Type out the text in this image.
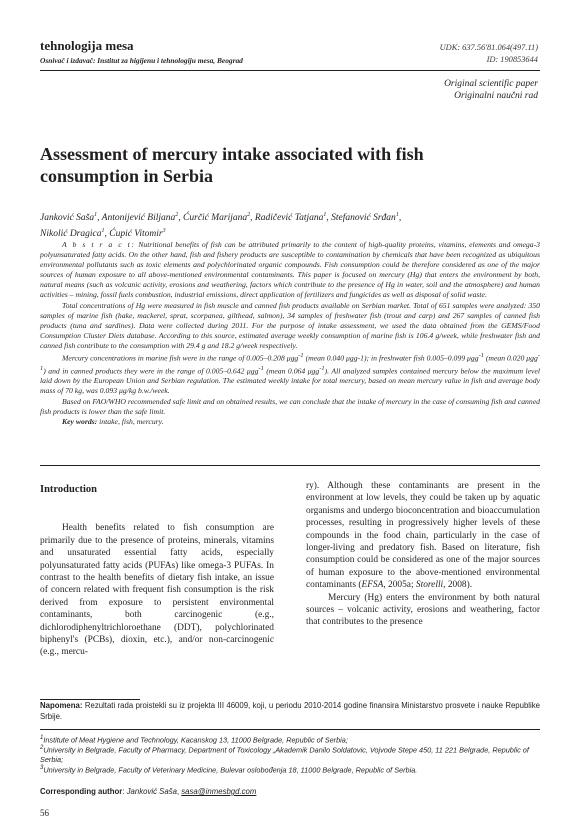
tehnologija mesa
Osnivač i izdavač: Institut za higijenu i tehnologiju mesa, Beograd
UDK: 637.56'81.064(497.11)
ID: 190853644
Original scientific paper
Originalni naučni rad
Assessment of mercury intake associated with fish
consumption in Serbia
Janković Saša$^1$, Antonijević Biljana$^2$, Ćurčić Marijana$^2$, Radičević Tatjana$^1$, Stefanović Srđan$^1$,
Nikolić Dragica$^1$, Ćupić Vitomir$^3$

A b s t r a c t: Nutritional benefits of fish can be attributed primarily to the content of high-quality proteins, vitamins, elements and omega-3 polyunsaturated fatty acids. On the other hand, fish and fishery products are susceptible to contamination by chemicals that have been recognized as ubiquitous environmental pollutants such as toxic elements and polychlorinated organic compounds. Fish consumption could be therefore considered as one of the major sources of human exposure to all above-mentioned environmental contaminants. This paper is focused on mercury (Hg) that enters the environment by both, natural means (such as volcanic activity, erosions and weathering, factors which contribute to the presence of Hg in water, soil and the atmosphere) and human activities – mining, fossil fuels combustion, industrial emissions, direct application of fertilizers and fungicides as well as disposal of solid waste.

Total concentrations of Hg were measured in fish muscle and canned fish products available on Serbian market. Total of 651 samples were analyzed: 350 samples of marine fish (hake, mackerel, sprat, scorpanea, gilthead, salmon), 34 samples of freshwater fish (trout and carp) and 267 samples of canned fish products (tuna and sardines). Data were collected during 2011. For the purpose of intake assessment, we used the data obtained from the GEMS/Food Consumption Cluster Diets database. According to this source, estimated average weekly consumption of marine fish is 106.4 g/week, while freshwater fish and canned fish contribute to the consumption with 29.4 g and 18.2 g/week respectively.

Mercury concentrations in marine fish were in the range of 0.005–0.208 μgg$^{-1}$ (mean 0.040 μgg-1); in freshwater fish 0.005–0.099 μgg$^{-1}$ (mean 0.020 μgg$^{-1}$) and in canned products they were in the range of 0.005–0.642 μgg$^{-1}$ (mean 0.064 μgg$^{-1}$). All analyzed samples contained mercury below the maximum level laid down by the European Union and Serbian regulation. The estimated weekly intake for total mercury, based on mean mercury value in fish and average body mass of 70 kg, was 0.093 μg/kg b.w./week.

Based on FAO/WHO recommended safe limit and on obtained results, we can conclude that the intake of mercury in the case of consuming fish and canned fish products is lower than the safe limit.

Key words: intake, fish, mercury.

Introduction

Health benefits related to fish consumption are primarily due to the presence of proteins, minerals, vitamins and unsaturated essential fatty acids, especially polyunsaturated fatty acids (PUFAs) like omega-3 PUFAs. In contrast to the health benefits of dietary fish intake, an issue of concern related with frequent fish consumption is the risk derived from exposure to persistent environmental contaminants, both carcinogenic (e.g., dichlorodiphenyltrichloroethane (DDT), polychlorinated biphenyl's (PCBs), dioxin, etc.), and/or non-carcinogenic (e.g., mercu-

ry). Although these contaminants are present in the environment at low levels, they could be taken up by aquatic organisms and undergo bioconcentration and bioaccumulation processes, resulting in progressively higher levels of these compounds in the food chain, particularly in the case of longer-living and predatory fish. Based on literature, fish consumption could be considered as one of the major sources of human exposure to the above-mentioned environmental contaminants (EFSA, 2005a; Storelli, 2008).

Mercury (Hg) enters the environment by both natural sources – volcanic activity, erosions and weathering, factor that contributes to the presence

Napomena: Rezultati rada proistekli su iz projekta III 46009, koji, u periodu 2010-2014 godine finansira Ministarstvo prosvete i nauke Republike Srbije.
$^1$Institute of Meat Hygiene and Technology, Kacanskog 13, 11000 Belgrade, Republic of Serbia;
$^2$University in Belgrade, Faculty of Pharmacy, Department of Toxicology „Akademik Danilo Soldatovic, Vojvode Stepe 450, 11 221 Belgrade, Republic of Serbia;
$^3$University in Belgrade, Faculty of Veterinary Medicine, Bulevar oslobođenja 18, 11000 Belgrade, Republic of Serbia.
Corresponding author: Janković Saša, sasa@inmesbgd.com
56
